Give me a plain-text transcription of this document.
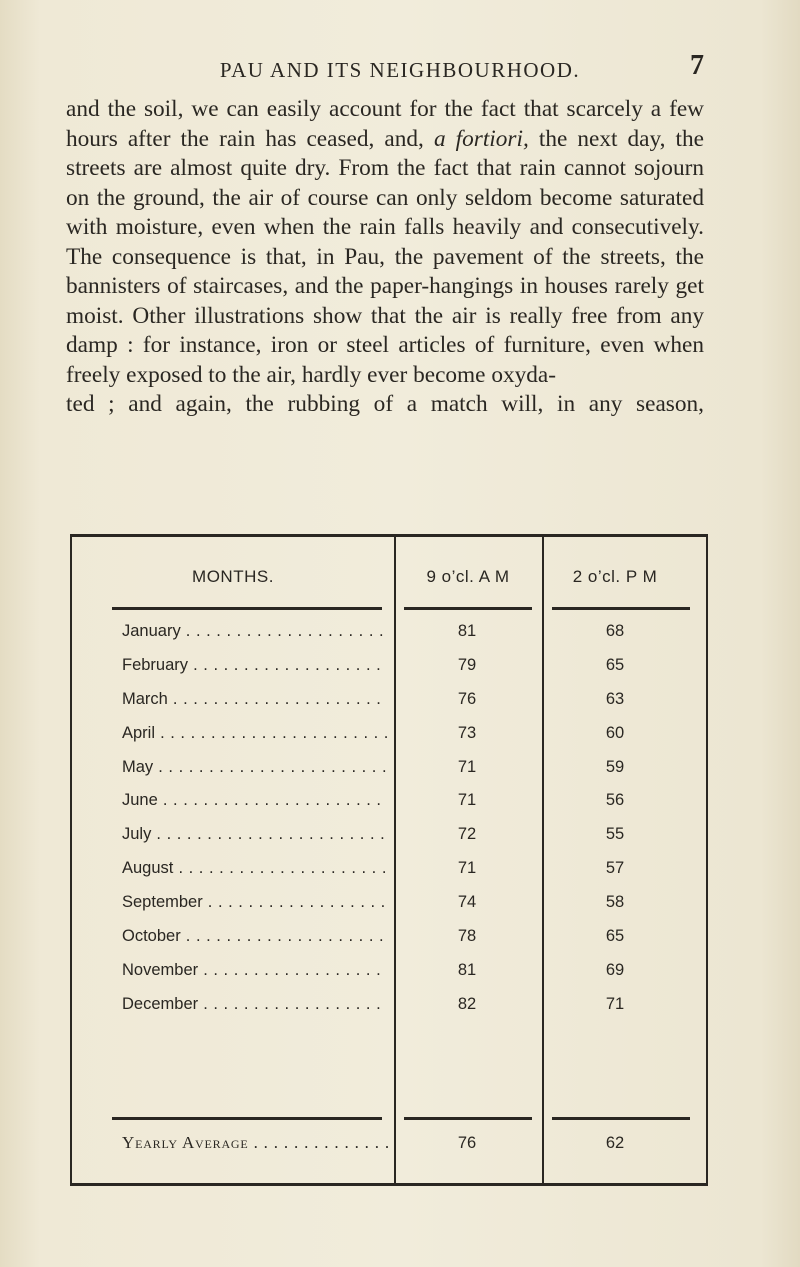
PAU AND ITS NEIGHBOURHOOD.	7

and the soil, we can easily account for the fact that scarcely a few hours after the rain has ceased, and, a fortiori, the next day, the streets are almost quite dry. From the fact that rain cannot sojourn on the ground, the air of course can only seldom become saturated with moisture, even when the rain falls heavily and consecutively. The consequence is that, in Pau, the pavement of the streets, the bannisters of staircases, and the paper-hangings in houses rarely get moist. Other illustrations show that the air is really free from any damp : for instance, iron or steel articles of furniture, even when freely exposed to the air, hardly ever become oxyda-
ted ; and again, the rubbing of a match will, in any season,

MONTHS.	9 o’cl. A M	2 o’cl. P M
January . . .	81	68
February . . .	79	65
March . . .	76	63
April . . .	73	60
May . . .	71	59
June . . .	71	56
July . . .	72	55
August . . .	71	57
September . . .	74	58
October . . .	78	65
November . . .	81	69
December . . .	82	71
Yearly Average . . .	76	62
